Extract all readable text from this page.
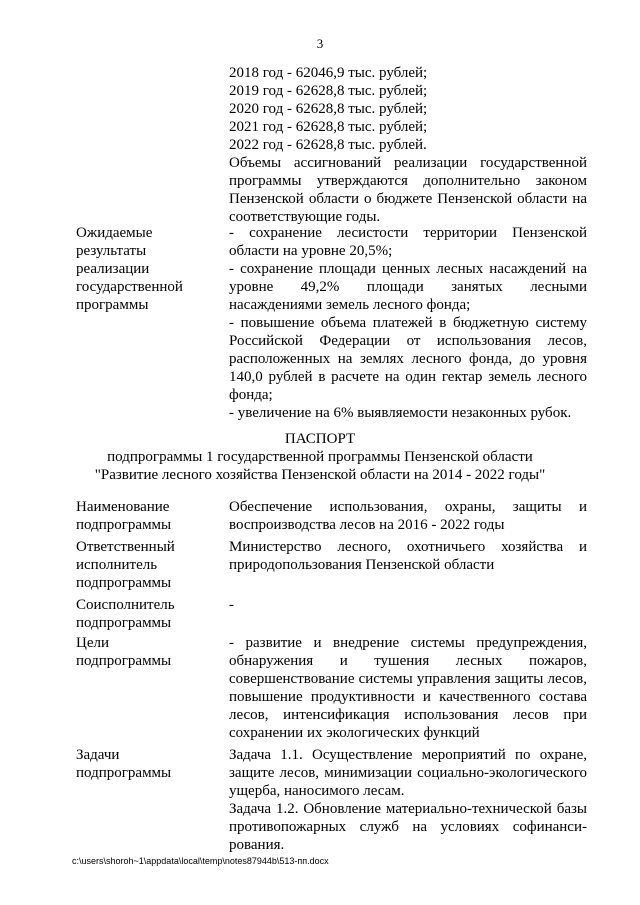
3
2018 год - 62046,9 тыс. рублей;
2019 год - 62628,8 тыс. рублей;
2020 год - 62628,8 тыс. рублей;
2021 год - 62628,8 тыс. рублей;
2022 год - 62628,8 тыс. рублей.
Объемы ассигнований реализации государственной
программы утверждаются дополнительно законом
Пензенской области о бюджете Пензенской области на
соответствующие годы.
Ожидаемые
результаты
реализации
государственной
программы
- сохранение лесистости территории Пензенской
области на уровне 20,5%;
- сохранение площади ценных лесных насаждений на
уровне 49,2% площади занятых лесными
насаждениями земель лесного фонда;
- повышение объема платежей в бюджетную систему
Российской Федерации от использования лесов,
расположенных на землях лесного фонда, до уровня
140,0 рублей в расчете на один гектар земель лесного
фонда;
- увеличение на 6% выявляемости незаконных рубок.
ПАСПОРТ
подпрограммы 1 государственной программы Пензенской области
"Развитие лесного хозяйства Пензенской области на 2014 - 2022 годы"
Наименование
подпрограммы
Обеспечение использования, охраны, защиты и
воспроизводства лесов на 2016 - 2022 годы
Ответственный
исполнитель
подпрограммы
Министерство лесного, охотничьего хозяйства и
природопользования Пензенской области
Соисполнитель
подпрограммы
-
Цели
подпрограммы
- развитие и внедрение системы предупреждения,
обнаружения и тушения лесных пожаров,
совершенствование системы управления защиты лесов,
повышение продуктивности и качественного состава
лесов, интенсификация использования лесов при
сохранении их экологических функций
Задачи
подпрограммы
Задача 1.1. Осуществление мероприятий по охране,
защите лесов, минимизации социально-экологического
ущерба, наносимого лесам.
Задача 1.2. Обновление материально-технической базы
противопожарных служб на условиях софинанси-
рования.
c:\users\shoroh~1\appdata\local\temp\notes87944b\513-пп.docx
